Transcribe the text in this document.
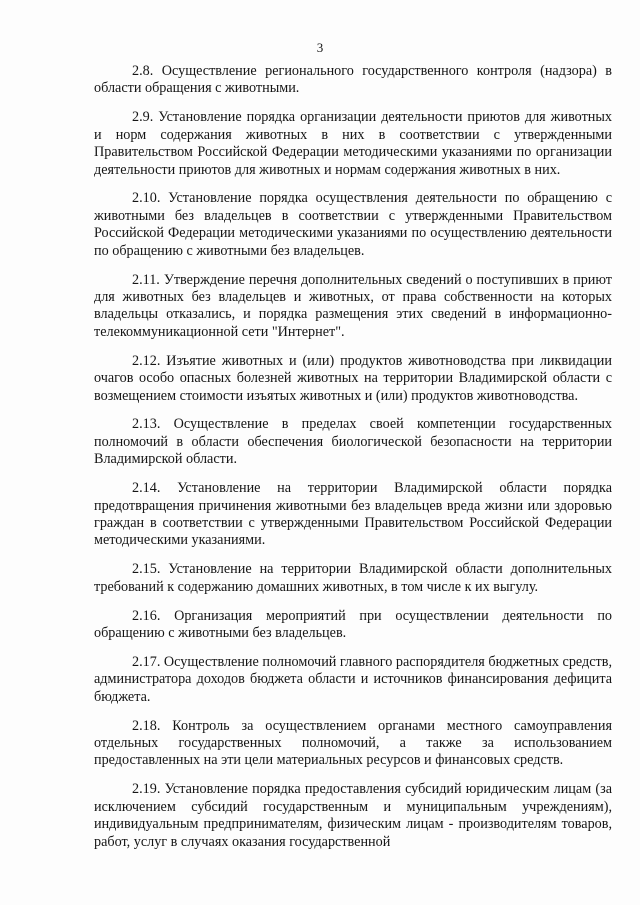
3

2.8. Осуществление регионального государственного контроля (надзора) в области обращения с животными.

2.9. Установление порядка организации деятельности приютов для животных и норм содержания животных в них в соответствии с утвержденными Правительством Российской Федерации методическими указаниями по организации деятельности приютов для животных и нормам содержания животных в них.

2.10. Установление порядка осуществления деятельности по обращению с животными без владельцев в соответствии с утвержденными Правительством Российской Федерации методическими указаниями по осуществлению деятельности по обращению с животными без владельцев.

2.11. Утверждение перечня дополнительных сведений о поступивших в приют для животных без владельцев и животных, от права собственности на которых владельцы отказались, и порядка размещения этих сведений в информационно-телекоммуникационной сети "Интернет".

2.12. Изъятие животных и (или) продуктов животноводства при ликвидации очагов особо опасных болезней животных на территории Владимирской области с возмещением стоимости изъятых животных и (или) продуктов животноводства.

2.13. Осуществление в пределах своей компетенции государственных полномочий в области обеспечения биологической безопасности на территории Владимирской области.

2.14. Установление на территории Владимирской области порядка предотвращения причинения животными без владельцев вреда жизни или здоровью граждан в соответствии с утвержденными Правительством Российской Федерации методическими указаниями.

2.15. Установление на территории Владимирской области дополнительных требований к содержанию домашних животных, в том числе к их выгулу.

2.16. Организация мероприятий при осуществлении деятельности по обращению с животными без владельцев.

2.17. Осуществление полномочий главного распорядителя бюджетных средств, администратора доходов бюджета области и источников финансирования дефицита бюджета.

2.18. Контроль за осуществлением органами местного самоуправления отдельных государственных полномочий, а также за использованием предоставленных на эти цели материальных ресурсов и финансовых средств.

2.19. Установление порядка предоставления субсидий юридическим лицам (за исключением субсидий государственным и муниципальным учреждениям), индивидуальным предпринимателям, физическим лицам - производителям товаров, работ, услуг в случаях оказания государственной
